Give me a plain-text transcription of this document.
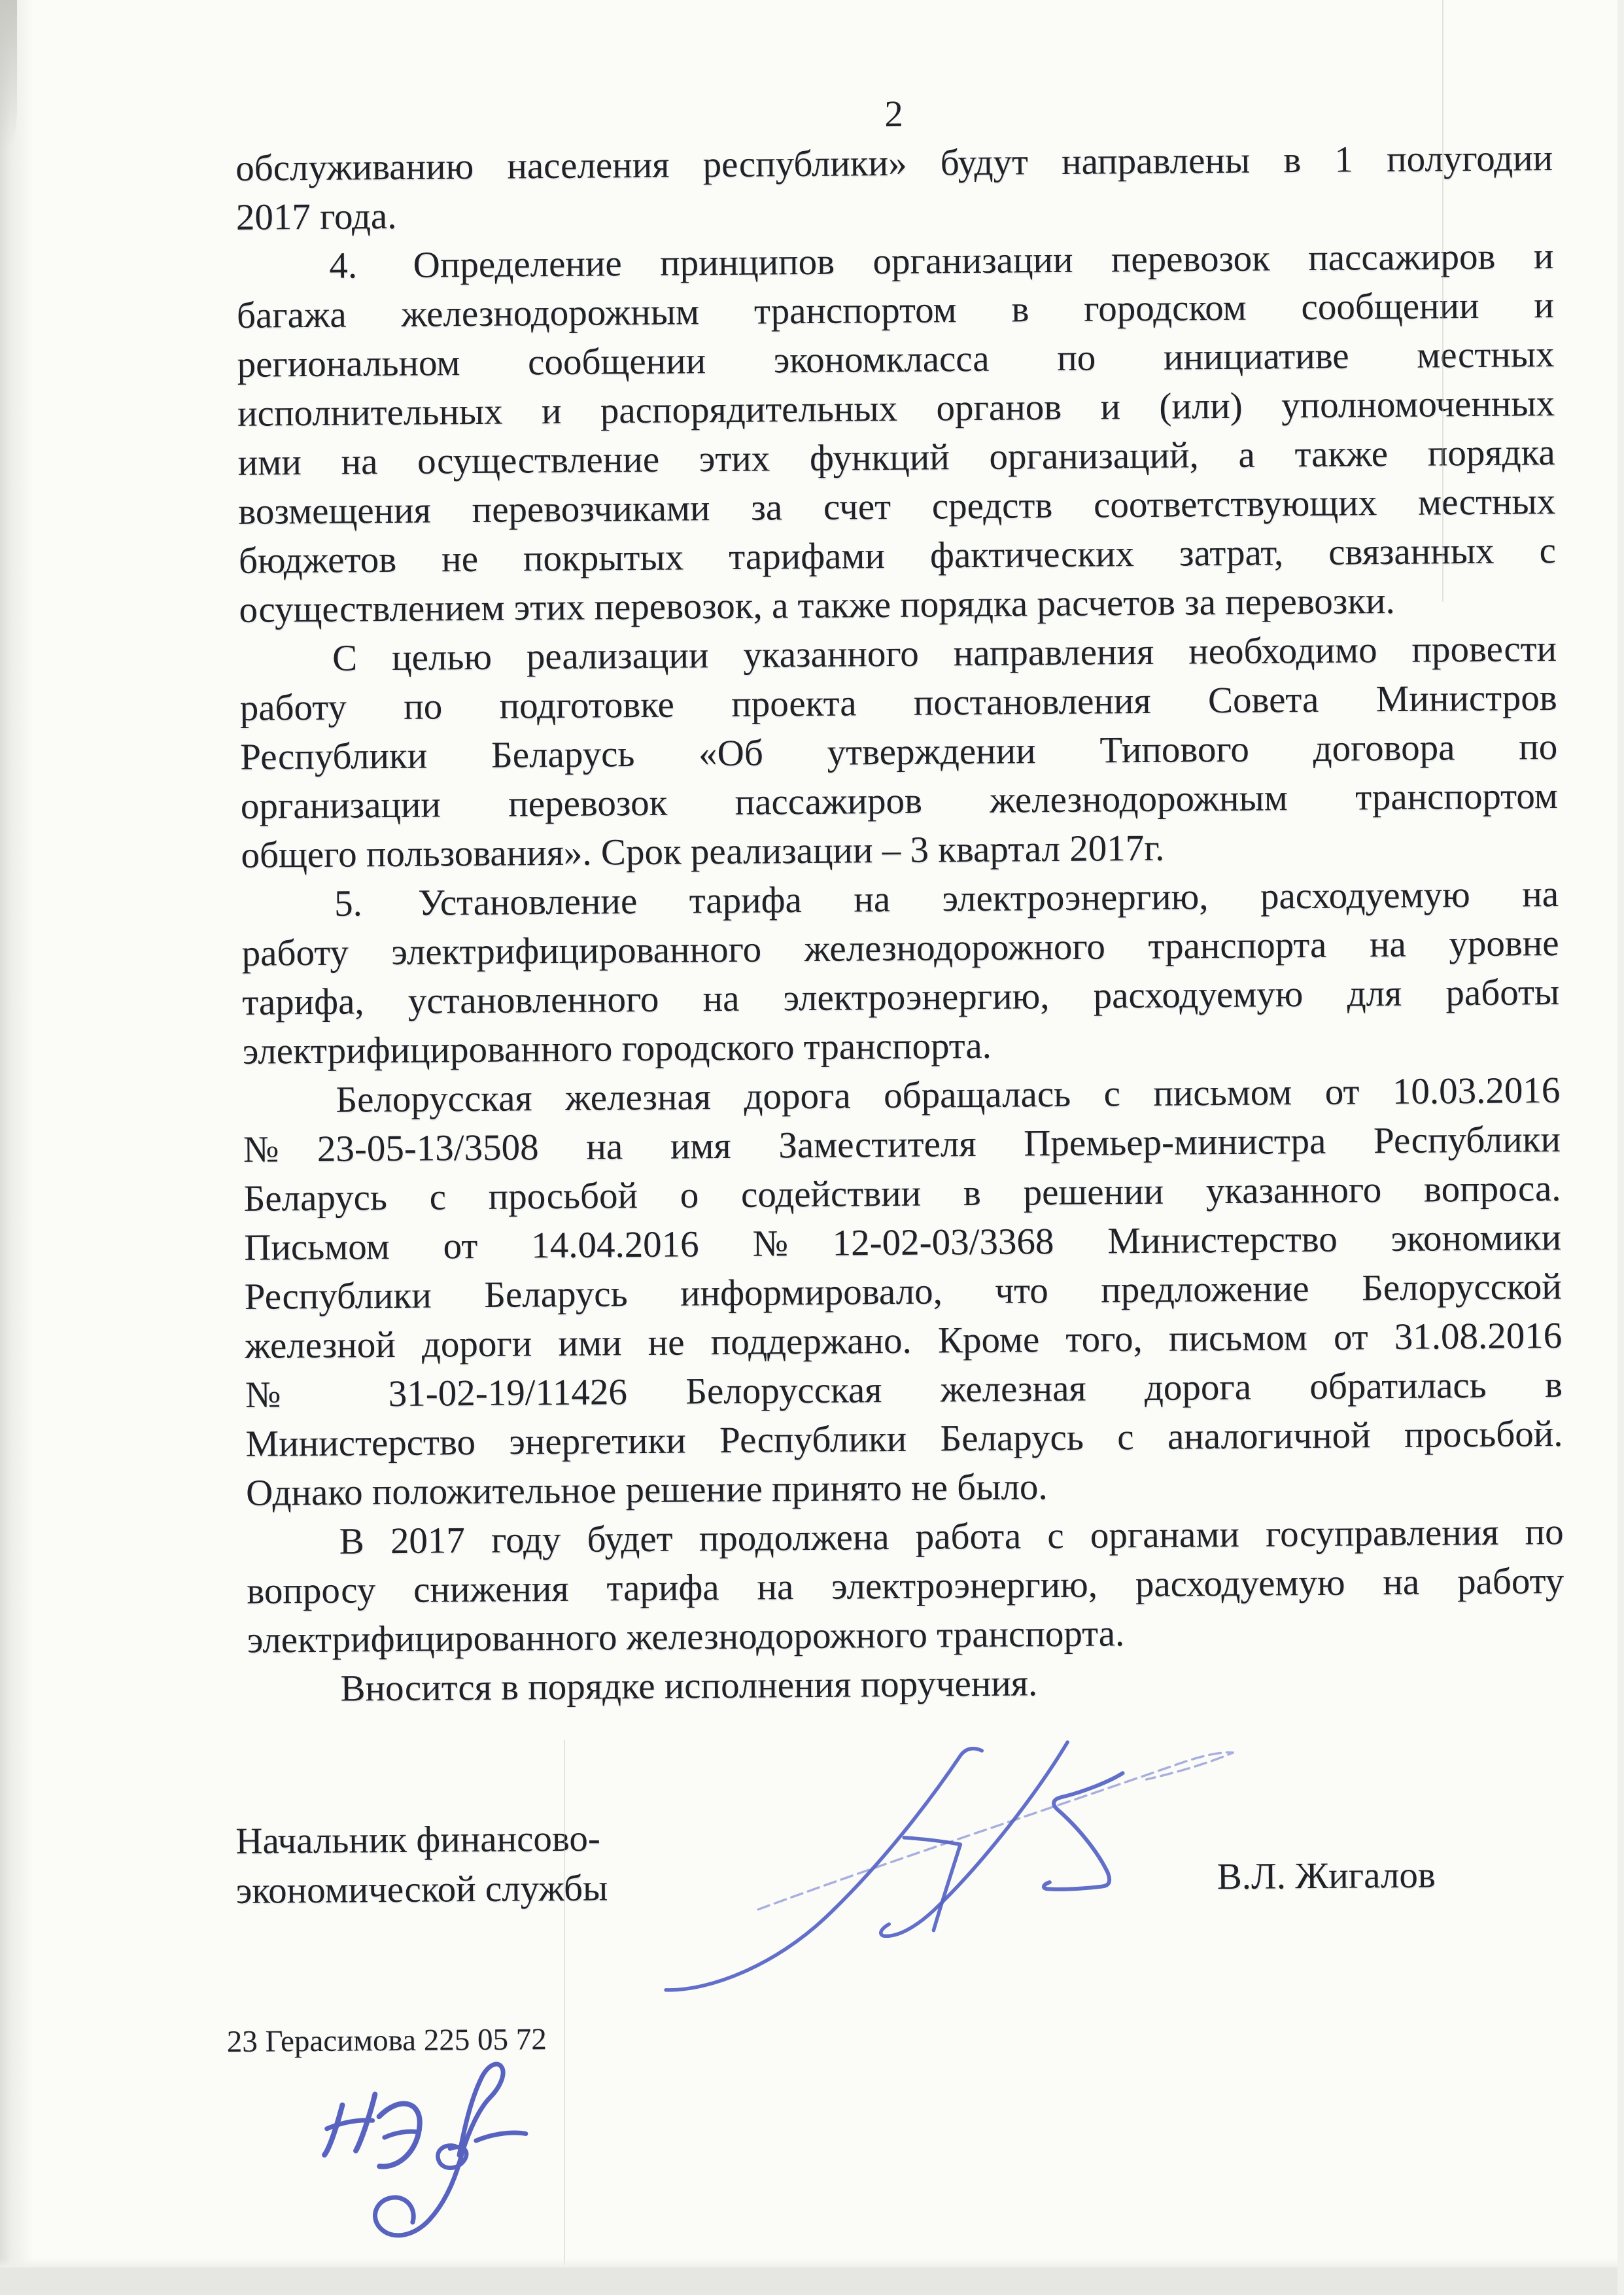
2
обслуживанию населения республики» будут направлены в 1 полугодии
2017 года.
4.  Определение принципов организации перевозок пассажиров и
багажа железнодорожным транспортом в городском сообщении и
региональном сообщении экономкласса по инициативе местных
исполнительных и распорядительных органов и (или) уполномоченных
ими на осуществление этих функций организаций, а также порядка
возмещения перевозчиками за счет средств соответствующих местных
бюджетов не покрытых тарифами фактических затрат, связанных с
осуществлением этих перевозок, а также порядка расчетов за перевозки.
С целью реализации указанного направления необходимо провести
работу по подготовке проекта постановления Совета Министров
Республики Беларусь «Об утверждении Типового договора по
организации перевозок пассажиров железнодорожным транспортом
общего пользования». Срок реализации – 3 квартал 2017г.
5.  Установление тарифа на электроэнергию, расходуемую на
работу электрифицированного железнодорожного транспорта на уровне
тарифа, установленного на электроэнергию, расходуемую для работы
электрифицированного городского транспорта.
Белорусская железная дорога обращалась с письмом от 10.03.2016
№23-05-13/3508 на имя Заместителя Премьер-министра Республики
Беларусь с просьбой о содействии в решении указанного вопроса.
Письмом от 14.04.2016 №12-02-03/3368 Министерство экономики
Республики Беларусь информировало, что предложение Белорусской
железной дороги ими не поддержано. Кроме того, письмом от 31.08.2016
№ 31-02-19/11426 Белорусская железная дорога обратилась в
Министерство энергетики Республики Беларусь с аналогичной просьбой.
Однако положительное решение принято не было.
В 2017 году будет продолжена работа с органами госуправления по
вопросу снижения тарифа на электроэнергию, расходуемую на работу
электрифицированного железнодорожного транспорта.
Вносится в порядке исполнения поручения.
Начальник финансово-
экономической службы	В.Л. Жигалов
23 Герасимова 225 05 72
